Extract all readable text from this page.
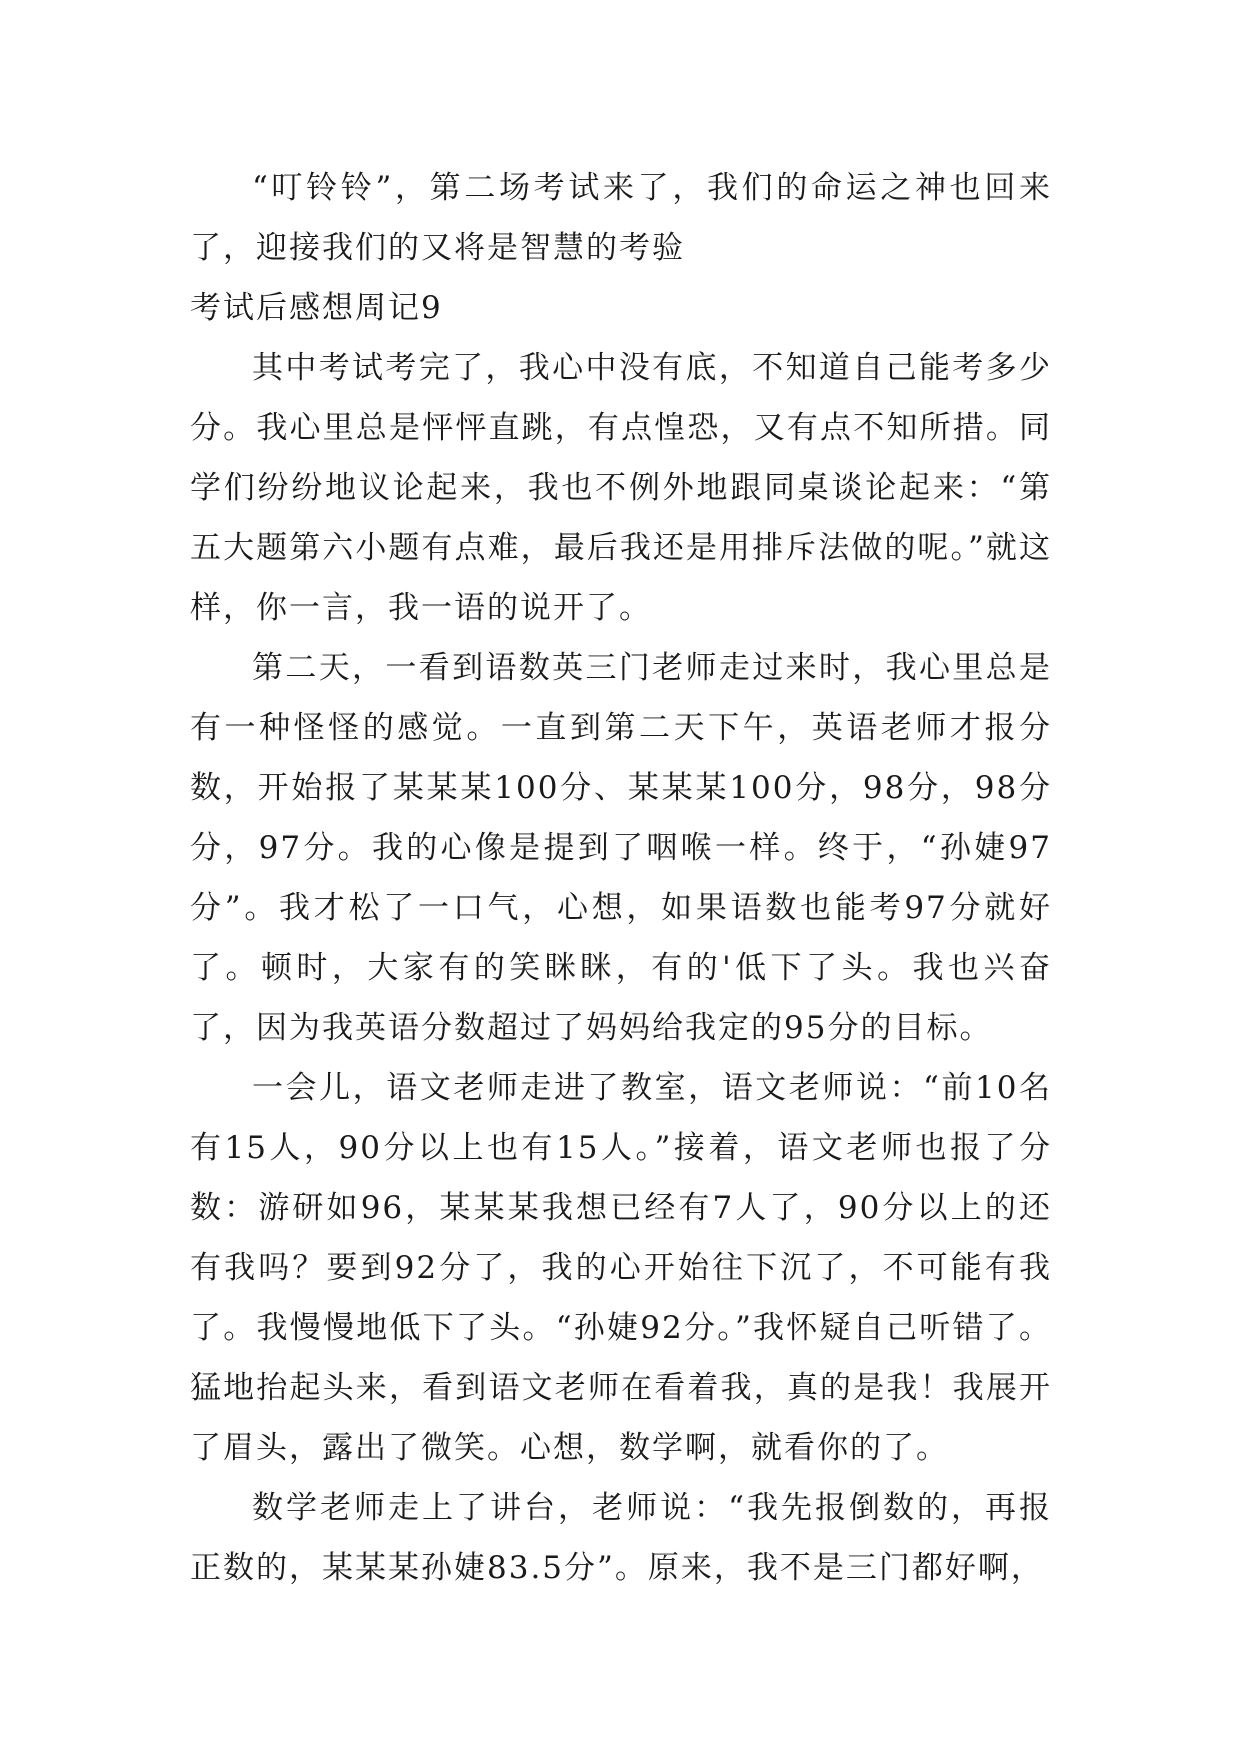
“叮铃铃”，第二场考试来了，我们的命运之神也回来了，迎接我们的又将是智慧的考验

考试后感想周记9

其中考试考完了，我心中没有底，不知道自己能考多少分。我心里总是怦怦直跳，有点惶恐，又有点不知所措。同学们纷纷地议论起来，我也不例外地跟同桌谈论起来：“第五大题第六小题有点难，最后我还是用排斥法做的呢。”就这样，你一言，我一语的说开了。

第二天，一看到语数英三门老师走过来时，我心里总是有一种怪怪的感觉。一直到第二天下午，英语老师才报分数，开始报了某某某100分、某某某100分，98分，98分分，97分。我的心像是提到了咽喉一样。终于，“孙婕97分”。我才松了一口气，心想，如果语数也能考97分就好了。顿时，大家有的笑眯眯，有的'低下了头。我也兴奋了，因为我英语分数超过了妈妈给我定的95分的目标。

一会儿，语文老师走进了教室，语文老师说：“前10名有15人，90分以上也有15人。”接着，语文老师也报了分数：游研如96，某某某我想已经有7人了，90分以上的还有我吗？要到92分了，我的心开始往下沉了，不可能有我了。我慢慢地低下了头。“孙婕92分。”我怀疑自己听错了。猛地抬起头来，看到语文老师在看着我，真的是我！我展开了眉头，露出了微笑。心想，数学啊，就看你的了。

数学老师走上了讲台，老师说：“我先报倒数的，再报正数的，某某某孙婕83.5分”。原来，我不是三门都好啊，
